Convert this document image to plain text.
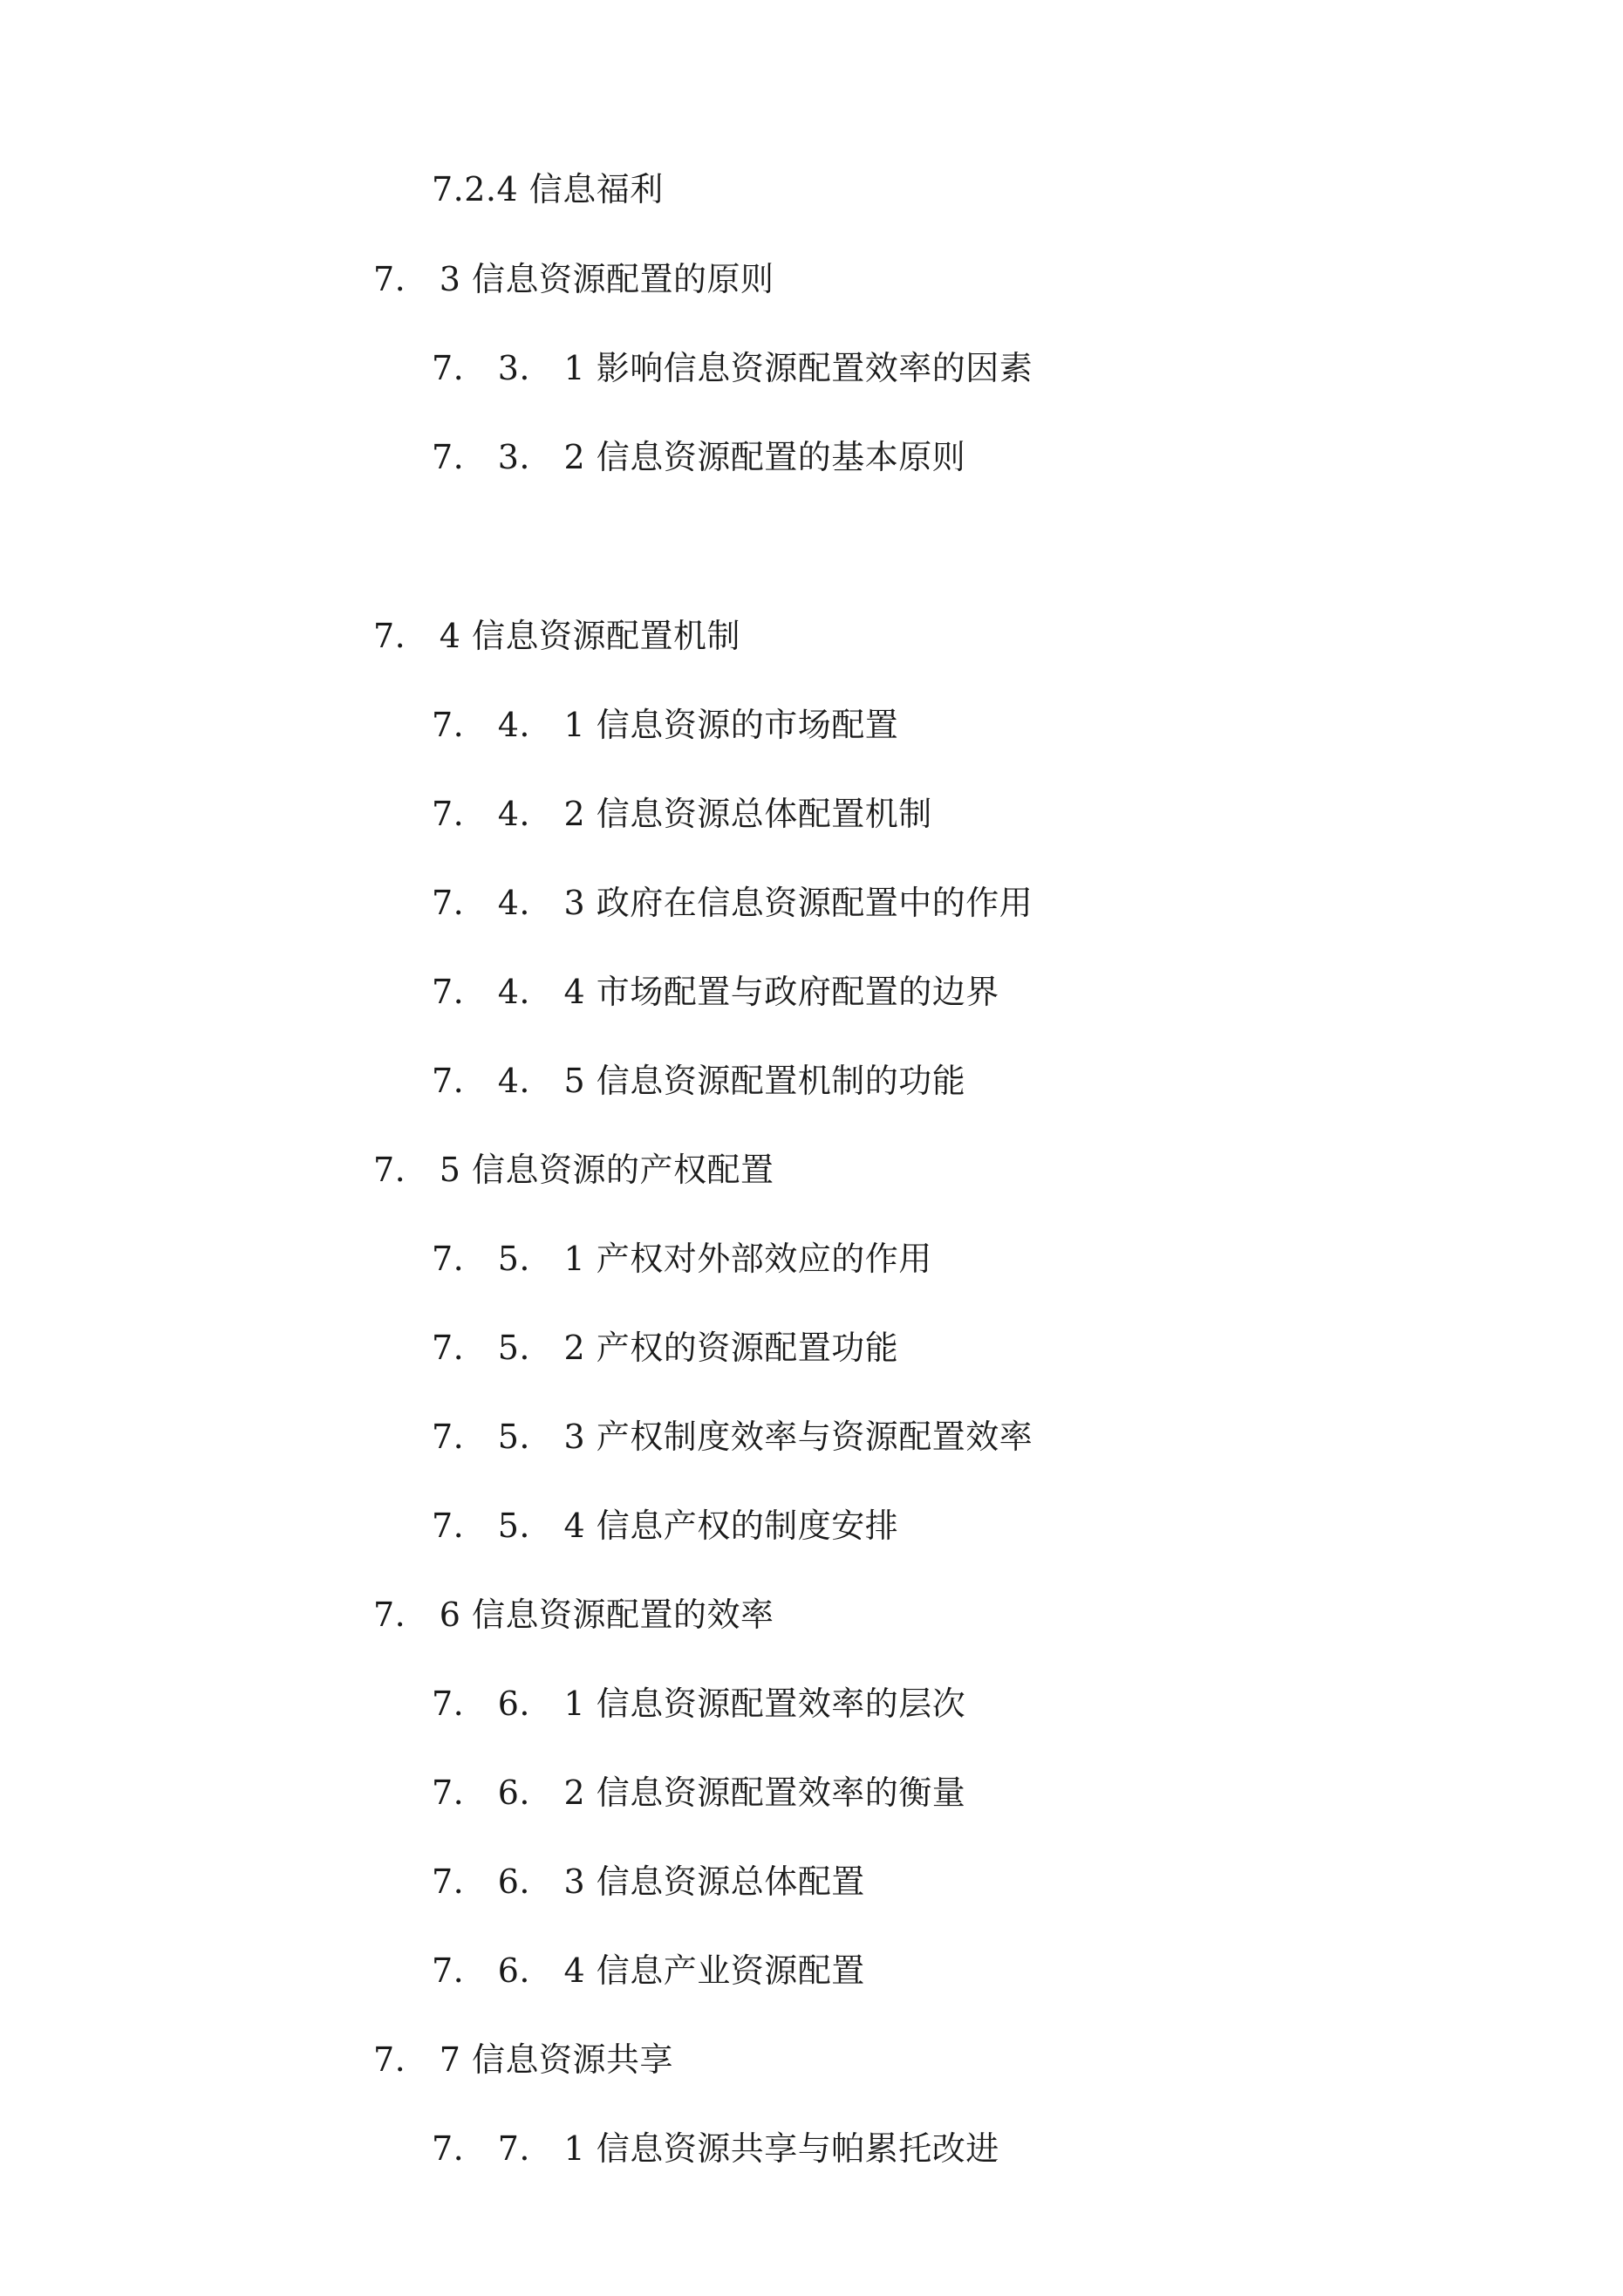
7.2.4 信息福利
7.　3 信息资源配置的原则
7.　3.　1 影响信息资源配置效率的因素
7.　3.　2 信息资源配置的基本原则
7.　4 信息资源配置机制
7.　4.　1 信息资源的市场配置
7.　4.　2 信息资源总体配置机制
7.　4.　3 政府在信息资源配置中的作用
7.　4.　4 市场配置与政府配置的边界
7.　4.　5 信息资源配置机制的功能
7.　5 信息资源的产权配置
7.　5.　1 产权对外部效应的作用
7.　5.　2 产权的资源配置功能
7.　5.　3 产权制度效率与资源配置效率
7.　5.　4 信息产权的制度安排
7.　6 信息资源配置的效率
7.　6.　1 信息资源配置效率的层次
7.　6.　2 信息资源配置效率的衡量
7.　6.　3 信息资源总体配置
7.　6.　4 信息产业资源配置
7.　7 信息资源共享
7.　7.　1 信息资源共享与帕累托改进
